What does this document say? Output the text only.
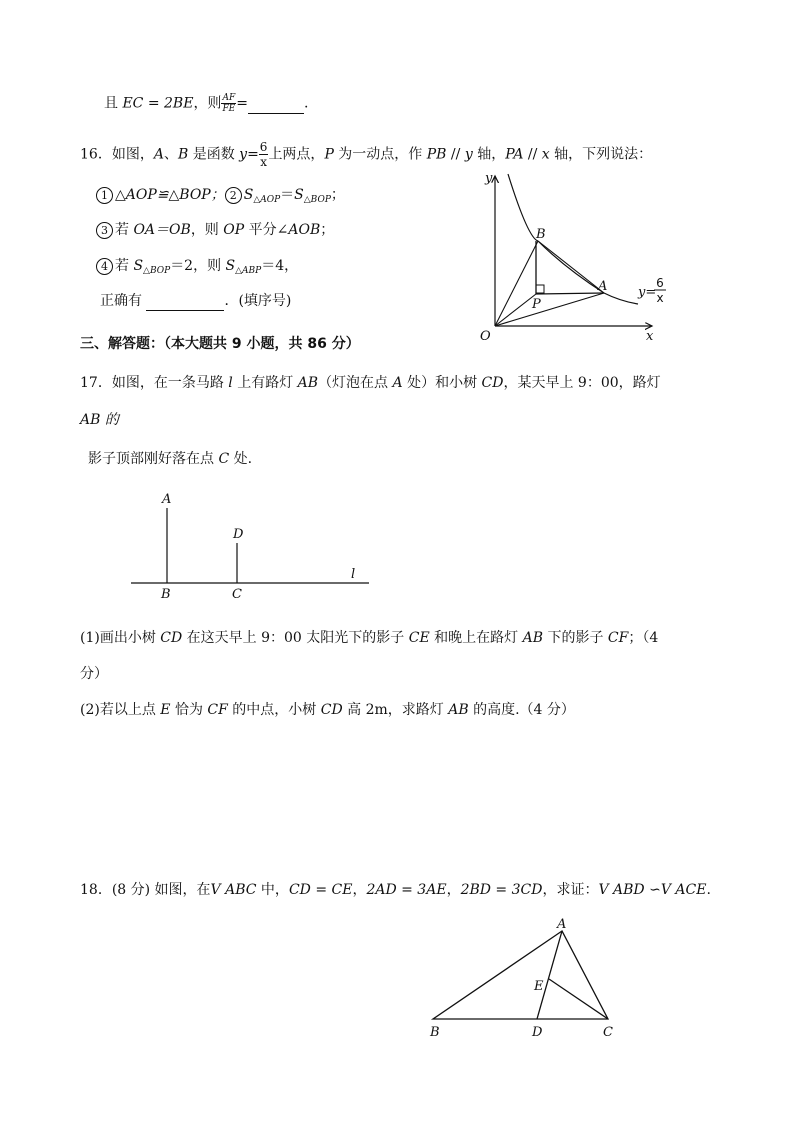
且 EC = 2BE，则 $\frac{AF}{FE}$ =	.
16．如图，A、B 是函数 $y= \frac{6}{x}$ 上两点，P 为一动点，作 PB // y 轴，PA // x 轴，下列说法：
1 △AOP≌△BOP； 2 $S_{\triangle AOP}=S_{\triangle BOP}$；
3 若 OA＝OB，则 OP 平分∠AOB；
4 若 $S_{\triangle BOP}=2$，则 $S_{\triangle ABP}=4$，
正确有	．(填序号)
y
x
O
B
A
P
y=
6
x
三、解答题：（本大题共 9 小题，共 86 分）
17．如图，在一条马路 l 上有路灯 AB（灯泡在点 A 处）和小树 CD，某天早上 9：00，路灯
AB 的
影子顶部刚好落在点 C 处.
A
D
B	C
l
(1)画出小树 CD 在这天早上 9：00 太阳光下的影子 CE 和晚上在路灯 AB 下的影子 CF；（4
分）
(2)若以上点 E 恰为 CF 的中点，小树 CD 高 2m，求路灯 AB 的高度.（4 分）
18．(8 分) 如图，在V ABC 中，CD = CE，2AD = 3AE，2BD = 3CD，求证：V ABD ∽V ACE.
A
E
B	D	C
